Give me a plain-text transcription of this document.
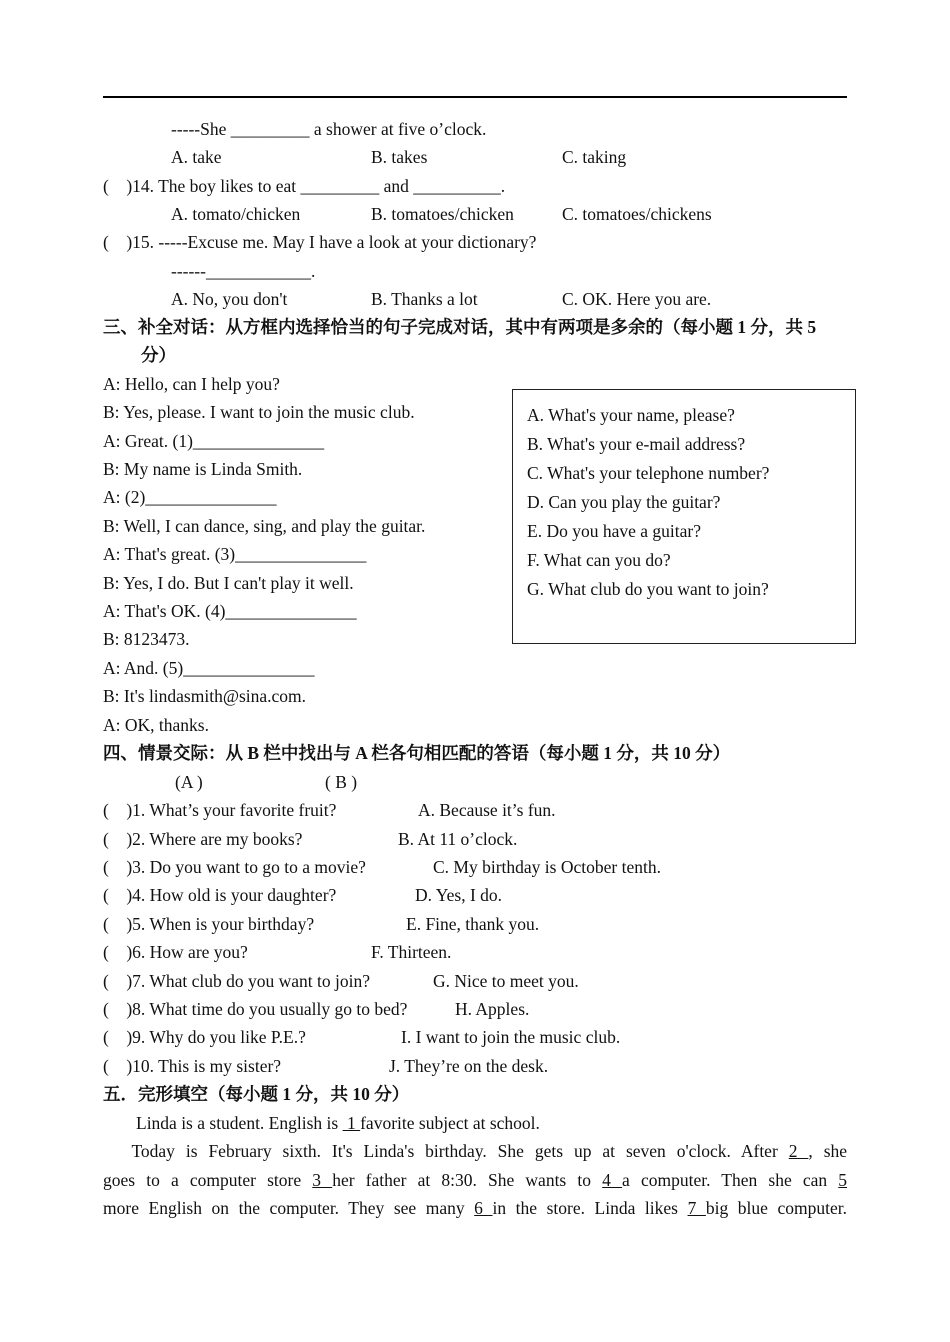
-----She _________ a shower at five o’clock.
A. take	B. takes	C. taking
(    )14. The boy likes to eat _________ and __________.
A. tomato/chicken	B. tomatoes/chicken	C. tomatoes/chickens
(    )15. -----Excuse me. May I have a look at your dictionary?
------____________.
A. No, you don't	B. Thanks a lot	C. OK. Here you are.
三、补全对话：从方框内选择恰当的句子完成对话，其中有两项是多余的（每小题 1 分，共 5
分）
A: Hello, can I help you?
B: Yes, please. I want to join the music club.
A: Great. (1)_______________
B: My name is Linda Smith.
A: (2)_______________
B: Well, I can dance, sing, and play the guitar.
A: That's great. (3)_______________
B: Yes, I do. But I can't play it well.
A: That's OK. (4)_______________
B: 8123473.
A: And. (5)_______________
B: It's lindasmith@sina.com.
A: OK, thanks.
A. What's your name, please?
B. What's your e-mail address?
C. What's your telephone number?
D. Can you play the guitar?
E. Do you have a guitar?
F. What can you do?
G. What club do you want to join?
四、情景交际：从 B 栏中找出与 A 栏各句相匹配的答语（每小题 1 分，共 10 分）
(A )	( B )
(    )1. What’s your favorite fruit?	A. Because it’s fun.
(    )2. Where are my books?	B. At 11 o’clock.
(    )3. Do you want to go to a movie?	C. My birthday is October tenth.
(    )4. How old is your daughter?	D. Yes, I do.
(    )5. When is your birthday?	E. Fine, thank you.
(    )6. How are you?	F. Thirteen.
(    )7. What club do you want to join?	G. Nice to meet you.
(    )8. What time do you usually go to bed?	H. Apples.
(    )9. Why do you like P.E.?	I. I want to join the music club.
(    )10. This is my sister?	J. They’re on the desk.
五．完形填空（每小题 1 分，共 10 分）
Linda is a student. English is  1 favorite subject at school.
  Today is February sixth. It's Linda's birthday. She gets up at seven o'clock. After 2 , she
goes to a computer store 3 her father at 8:30. She wants to 4 a computer. Then she can 5
more English on the computer. They see many 6 in the store. Linda likes 7 big blue computer.
